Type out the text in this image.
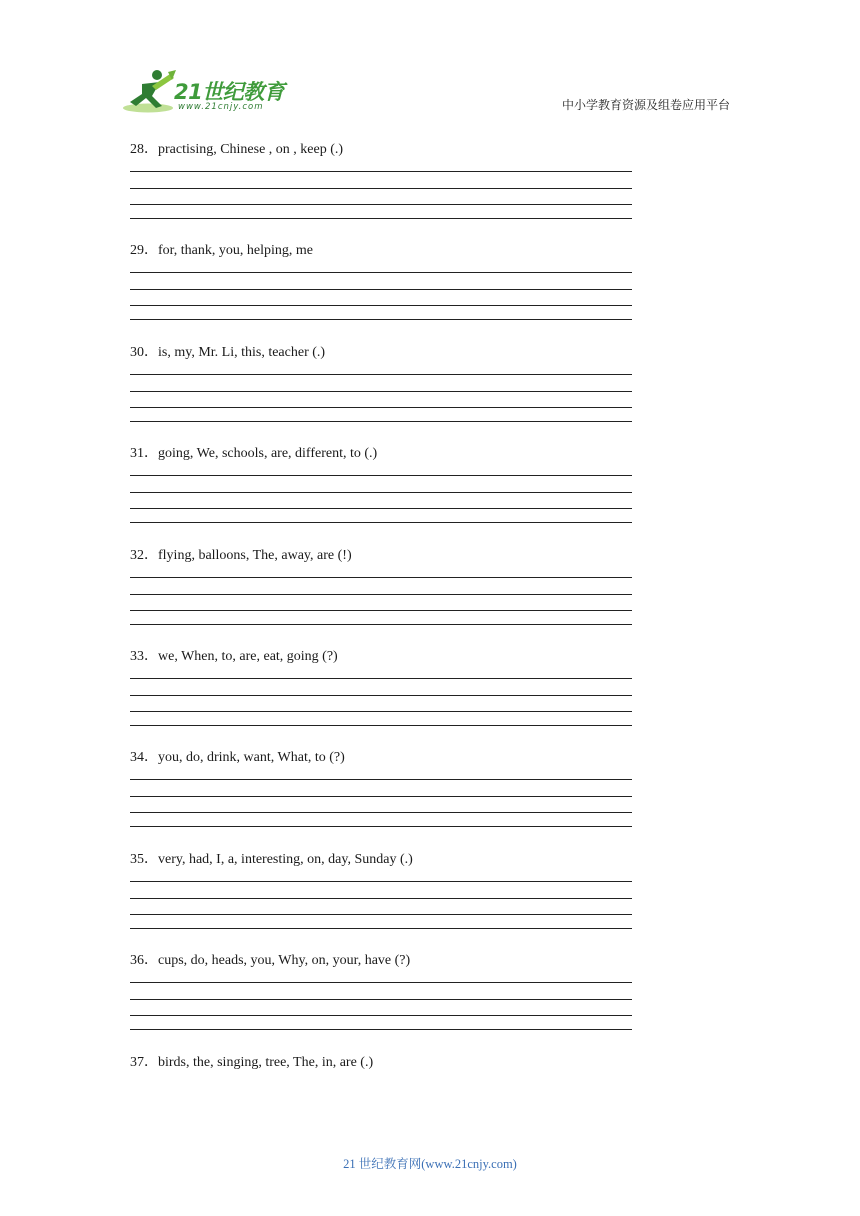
21世纪教育
www.21cnjy.com	中小学教育资源及组卷应用平台
28．practising, Chinese , on , keep (.)
29．for, thank, you, helping, me
30．is, my, Mr. Li, this, teacher (.)
31．going, We, schools, are, different, to (.)
32．flying, balloons, The, away, are (!)
33．we, When, to, are, eat, going (?)
34．you, do, drink, want, What, to (?)
35．very, had, I, a, interesting, on, day, Sunday (.)
36．cups, do, heads, you, Why, on, your, have (?)
37．birds, the, singing, tree, The, in, are (.)
21 世纪教育网(www.21cnjy.com)
